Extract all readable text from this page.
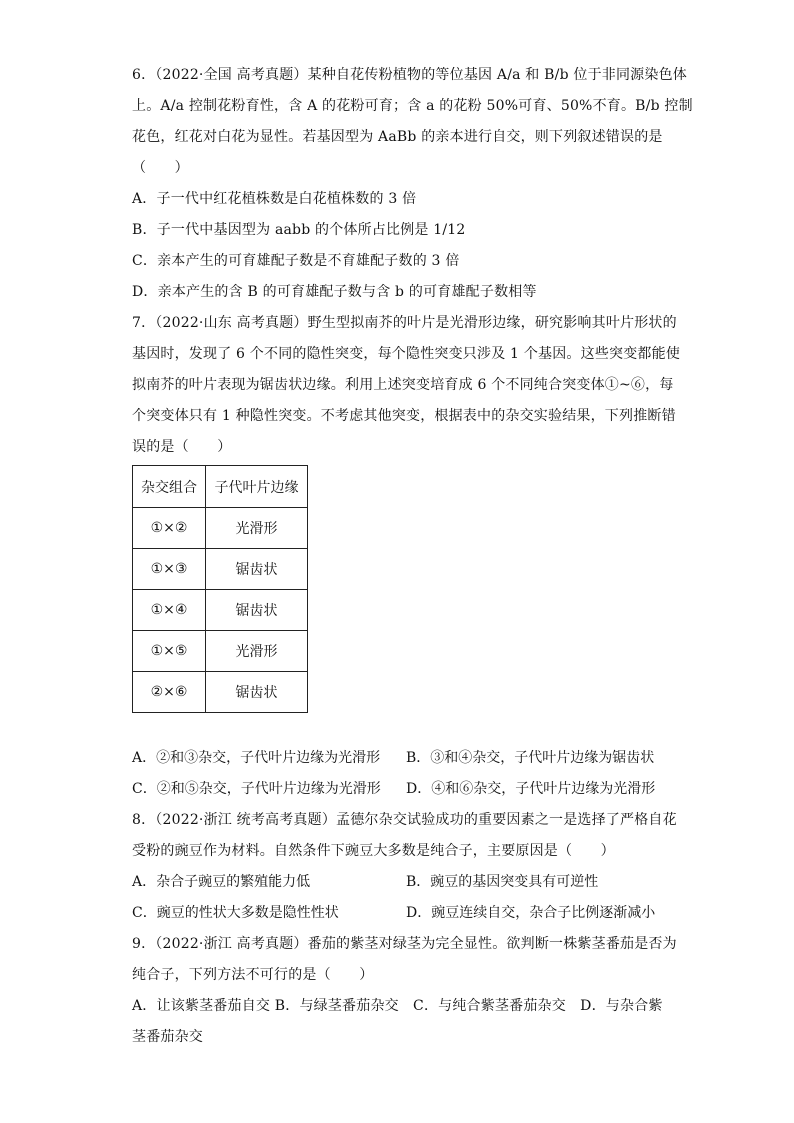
6．（2022·全国 高考真题）某种自花传粉植物的等位基因 A/a 和 B/b 位于非同源染色体
上。A/a 控制花粉育性，含 A 的花粉可育；含 a 的花粉 50%可育、50%不育。B/b 控制
花色，红花对白花为显性。若基因型为 AaBb 的亲本进行自交，则下列叙述错误的是
（　　）
A．子一代中红花植株数是白花植株数的 3 倍
B．子一代中基因型为 aabb 的个体所占比例是 1/12
C．亲本产生的可育雄配子数是不育雄配子数的 3 倍
D．亲本产生的含 B 的可育雄配子数与含 b 的可育雄配子数相等
7．（2022·山东 高考真题）野生型拟南芥的叶片是光滑形边缘，研究影响其叶片形状的
基因时，发现了 6 个不同的隐性突变，每个隐性突变只涉及 1 个基因。这些突变都能使
拟南芥的叶片表现为锯齿状边缘。利用上述突变培育成 6 个不同纯合突变体①~⑥，每
个突变体只有 1 种隐性突变。不考虑其他突变，根据表中的杂交实验结果，下列推断错
误的是（　　）
杂交组合	子代叶片边缘
①×②	光滑形
①×③	锯齿状
①×④	锯齿状
①×⑤	光滑形
②×⑥	锯齿状
A．②和③杂交，子代叶片边缘为光滑形	B．③和④杂交，子代叶片边缘为锯齿状
C．②和⑤杂交，子代叶片边缘为光滑形	D．④和⑥杂交，子代叶片边缘为光滑形
8．（2022·浙江 统考高考真题）孟德尔杂交试验成功的重要因素之一是选择了严格自花
受粉的豌豆作为材料。自然条件下豌豆大多数是纯合子，主要原因是（　　）
A．杂合子豌豆的繁殖能力低	B．豌豆的基因突变具有可逆性
C．豌豆的性状大多数是隐性性状	D．豌豆连续自交，杂合子比例逐渐减小
9．（2022·浙江 高考真题）番茄的紫茎对绿茎为完全显性。欲判断一株紫茎番茄是否为
纯合子，下列方法不可行的是（　　）
A．让该紫茎番茄自交 B．与绿茎番茄杂交　C．与纯合紫茎番茄杂交　D．与杂合紫
茎番茄杂交
